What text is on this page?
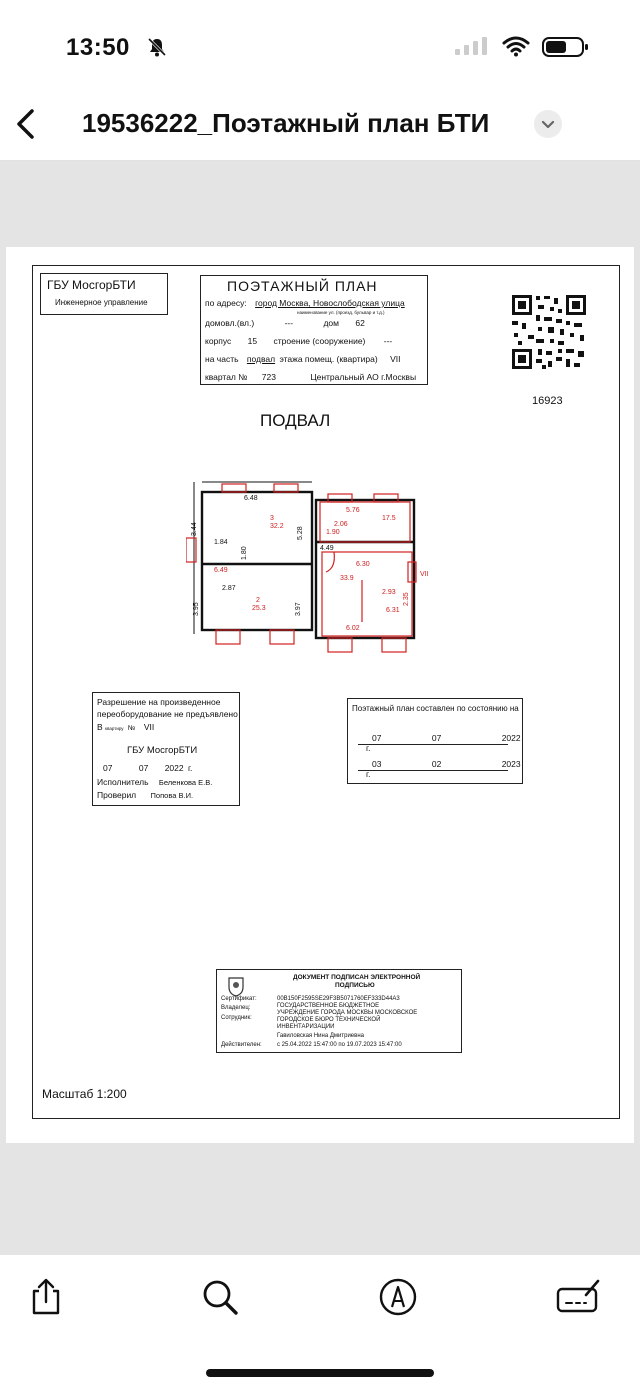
13:50
19536222_Поэтажный план БТИ
ГБУ МосгорБТИ
Инженерное управление
ПОЭТАЖНЫЙ ПЛАН
по адресу: город Москва, Новослободская улица
наименование ул. (проезд, бульвар и т.д.)
домовл.(вл.)	---	дом 62
корпус 15 строение (сооружение) ---
на часть подвал этажа помещ. (квартира) VII
квартал № 723	Центральный АО г.Москвы
16923
ПОДВАЛ
6.48
3.44	5.28
1.84
1.80
2.87
3.95	3.97
4.49
3
32.2
6.49
2
25.3
5.76
17.5
2.06
1.90
6.30
33.9
2.93
6.31
2.35
6.02
VII
Разрешение на произведенное
переоборудование не предъявлено
В квартиру № VII
ГБУ МосгорБТИ
07	07 2022 г.
Исполнитель Беленкова Е.В.
Проверил Попова В.И.
Поэтажный план составлен по состоянию на
07	07	2022 г.
03	02	2023 г.
ДОКУМЕНТ ПОДПИСАН ЭЛЕКТРОННОЙ
ПОДПИСЬЮ
Сертификат:	00B150F2595SE29F3B5071760EF333D44A3
Владелец:	ГОСУДАРСТВЕННОЕ БЮДЖЕТНОЕ
УЧРЕЖДЕНИЕ ГОРОДА МОСКВЫ МОСКОВСКОЕ
ГОРОДСКОЕ БЮРО ТЕХНИЧЕСКОЙ
ИНВЕНТАРИЗАЦИИ
Сотрудник:
Гавиловская Нина Дмитриевна
Действителен:	с 25.04.2022 15:47:00 по 19.07.2023 15:47:00
Масштаб 1:200
